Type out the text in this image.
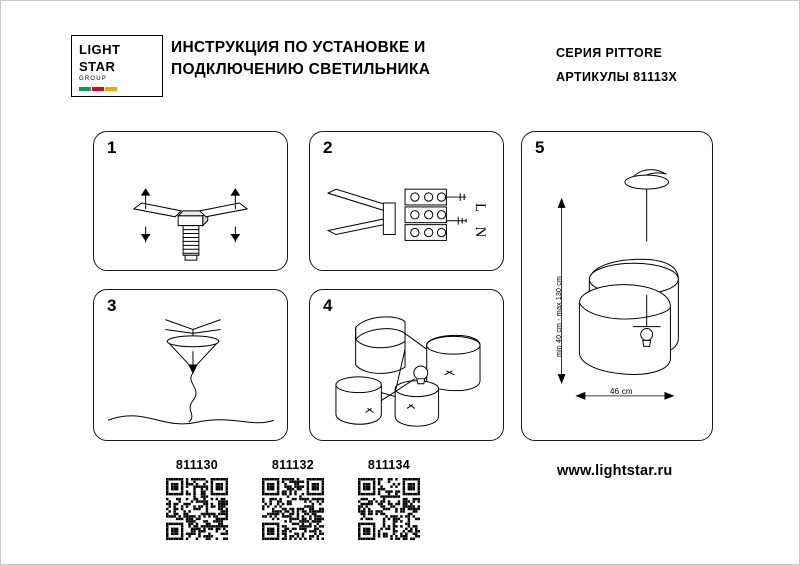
LIGHT
STAR
GROUP
ИНСТРУКЦИЯ ПО УСТАНОВКЕ И
ПОДКЛЮЧЕНИЮ СВЕТИЛЬНИКА
СЕРИЯ PITTORE
АРТИКУЛЫ 81113X
1	2
L
N
3	4
5
min 40 cm - max 130 cm
46 cm
811130	811132	811134	www.lightstar.ru
